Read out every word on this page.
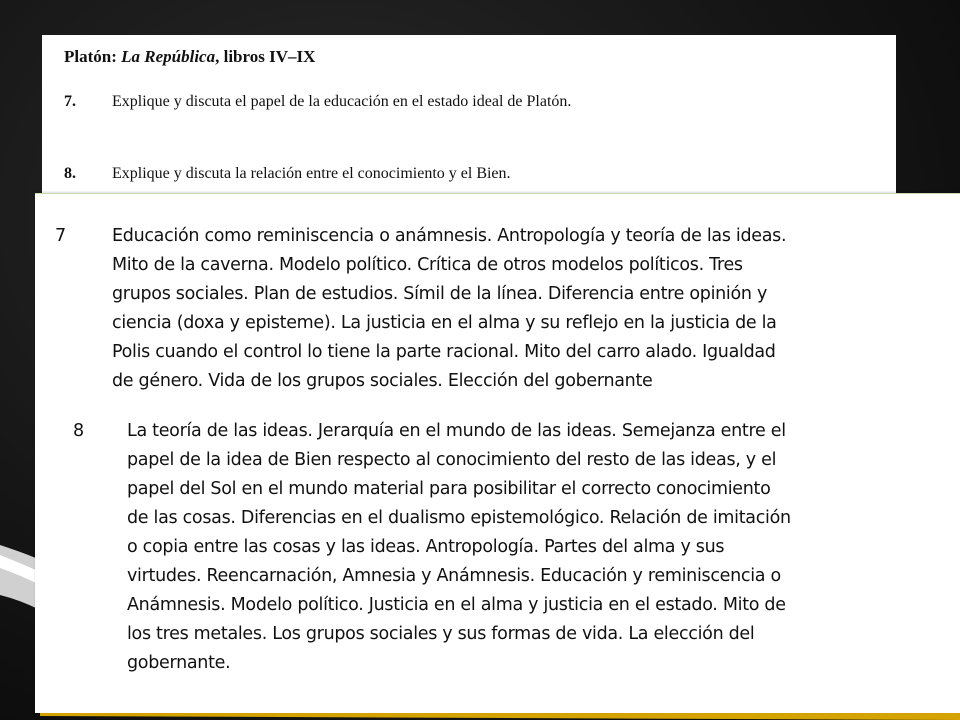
Platón: La República, libros IV–IX
7. Explique y discuta el papel de la educación en el estado ideal de Platón.
8. Explique y discuta la relación entre el conocimiento y el Bien.
7	Educación como reminiscencia o anámnesis. Antropología y teoría de las ideas.
Mito de la caverna. Modelo político. Crítica de otros modelos políticos. Tres
grupos sociales. Plan de estudios. Símil de la línea. Diferencia entre opinión y
ciencia (doxa y episteme). La justicia en el alma y su reflejo en la justicia de la
Polis cuando el control lo tiene la parte racional. Mito del carro alado. Igualdad
de género. Vida de los grupos sociales. Elección del gobernante
8 La teoría de las ideas. Jerarquía en el mundo de las ideas. Semejanza entre el
papel de la idea de Bien respecto al conocimiento del resto de las ideas, y el
papel del Sol en el mundo material para posibilitar el correcto conocimiento
de las cosas. Diferencias en el dualismo epistemológico. Relación de imitación
o copia entre las cosas y las ideas. Antropología. Partes del alma y sus
virtudes. Reencarnación, Amnesia y Anámnesis. Educación y reminiscencia o
Anámnesis. Modelo político. Justicia en el alma y justicia en el estado. Mito de
los tres metales. Los grupos sociales y sus formas de vida. La elección del
gobernante.
